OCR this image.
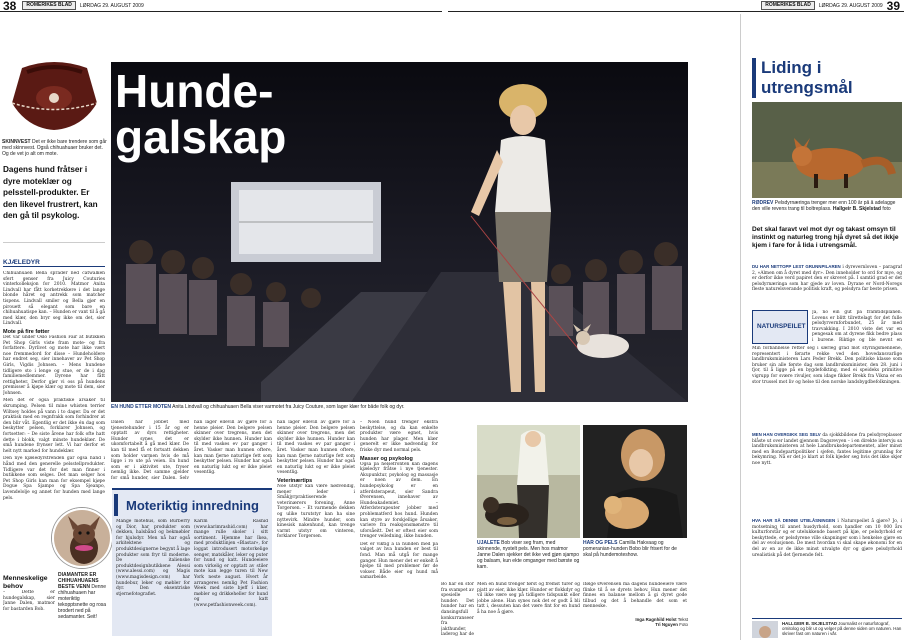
38	ROMERIKES BLAD	LØRDAG 29. AUGUST 2009	ROMERIKES BLAD	LØRDAG 29. AUGUST 2009 39
SKINNVEST Det er ikke bare trendere som går med skinnvest. Også chihuahuaer bruker det. Og de vet jo alt om mote.
Dagens hund fråtser i dyre moteklær og pelsstell-produkter. Er den likevel frustrert, kan den gå til psykolog.
KJÆLEDYR

Chihuahuaen Bella sprader ned catwalken sfert genser fra Juicy Couturies vinterkolleksjon for 2010. Matmor Anita Lindvall har fått korketrekkere i det lange blonde håret og antrekk som matcher tispens. Lindvall smiler og Bella gjør en pirouett så elegant som bare en chihuahuatispe kan. – Hunden er vant til å gå med klær, den bryr seg ikke om det, sier Lindvall.

Mote på fire føtter

Det var under Oslo Fashion Fair at butikken Pet Shop Girls viste fram mote- og fra forfattere. Dyrlivet og mote har ikke vært noe fremmedord for disse – Hundeholdere har endret seg, sier innehaver av Pet Shop Girls, Vigdis Johnsen. – Mens hundene tidligere sto i lenge og stue, er de i dag familiemedlemmer. Dyrene har fått rettigheter. Derfor gjør vi oss på hundens premisser å kjøpe klær og mote til dem, sier Johnsen.

Men det er også praktiske årsaker til skrumping. Pelsen til mine whisten terrier Wiltsey holdes på vann i to dager. Da er det praktisk med en regnfrakk som forhindrer at den blir våt. Egentlig er det ikke én dag som beskytter pelsen, forklarer Johnsen, og fortsetter: – De siste årene har folk ofte hatt dette i blokk, valgt minste hundeklær. De små hundene frynser lett. Vi har derfor et helt nytt marked for hundeklær.

Den nye kjæledyrstrenden går også hånd i hånd med den generelle pelsstellprodukter. Tidligere var det for det man finner i butikkene som selges. Det man selger hos Pet Shop Girls kan man for eksempel kjøpe Dogue Spa Sjampo og Spa Sjeanpo, lavendelolje og annet for hunden med lange pels.

DIAMANTER ER CHIHUAHUAENS BESTE VENN Denne chihuahuaen har moteriktig tekopptsnette og rosa brodert ned på sedamanter. Seit!

Menneskelige behov

– Dette er hundegalskap, sier Janne Dalen, matmor for bastarden Bob.

Hunde-
galskap
EN HUND ETTER MOTEN Anita Lindvall og chihuahuaen Bella viser varmotet fra Juicy Couture, som lager klær for både folk og dyr.

Dalen har jobbet med tjenestehunder i 15 år og er opptatt av dyrs rettigheter. Hunder synes det er ukomfortabelt å gå med klær. De kan til med få et fortsatt dekken som holder varmen hvis de må ligge i ro ute på veien. En hund som er i aktivitet ute, fryser nemlig ikke. Det samme gjelder for små hunder, sier Dalen. Selv

han lager ellevill av gjøre for å henne pleier. Den belgere pelsen skinner over tregrens, men det skylder ikke hunnen. Hunder kan til med vaskes ev par ganger i året. Vasker man hunnen oftere, kan man fjerne naturlige fett som beskytter pelsen. Hunder har også en naturlig lukt og er ikke pleiet vesentlig.

han lager ellevill av gjøre for å henne pleier. Den belgere pelsen skinner over tregrens, men det skylder ikke hunnen. Hunder kan til med vaskes ev par ganger i året. Vasker man hunnen oftere, kan man fjerne naturlige fett som beskytter pelsen. Hunder har også en naturlig lukt og er ikke pleiet vesentlig.

Veterinærtips

Noe utstyr kan være nødvendig, mener leder i Småkjyrpraktiserende veterinærers forening, Anne Torgersen. – Et varmende dekken og ulike turutstyr kan ha sine nyttevirk. Mindre hunder, som kinesisk nakenhund, kan trenge varmt utstyr om vinteren, forklarer Torgersen.

– Noen hund trenger ekstra beskyttelse, og da kan enkelte produkter være egnet, hvis hunden har plager. Men klær generelt er ikke nødvendig for friske dyr med normal pels.

Masser og psykolog

Også på helsefronten kan dagens kjæledyr fråtse i nye tjenester. Akupunktur, psykolog og massasje er noen av dem. En hundepsykolog er en atferdsterapeut, sier Sandra Øverensen, innehaver av Hundeakademiet. – Atferdsterapeuter jobber med problematferd hos hund. Hunden kan styre av forskjellige årsaker, variere fra reaksjonsmønstre til uforsåeitt. Det er oftest eier som trenger veiledning, ikke hunden.

Det er viktig å la hunden med på valget av hva hunden er best til fond. Man må utgå for mange ganger. Hun mener det er enkelt å hjelpe til med problemer før de vokser. Både eier og hund må samarbeide.

Moteriktig innredning

Mange motehus, som Burberry og Dior, har produkter som dekken, halsbånd og bekmøbler for hjulsdyr. Men nå har også arkitektene og produktdesignerne begynt å lage produkter som fryr til moderne. De italienske produktdesignbutikkene Alessi (www.alessi.com) og Magis (www.magisdesign.com) har hundebur, leker og møbler for dyr. Den eksentriske stjernefotografiet.

Karim Rashid (www.karimrashid.com) har mange rulle skoler i sitt sortiment. Hjemme har Ikea, med produktlinjen «Blastar», for loggat introdusert motorkelige senger, matskåler, leker og puter for hund og katt. Hundeeiere som virkelig er opptatt av stiler mote kan legge turen til New York neste august. Hvert år arrangeres nemlig Pet Fashion Week med siste bjeff i klær, møbler og drikkeheller for hund og katt (www.petfashionweek.com).

UJÅLETE Bob viser seg fram, med skinnende, nystelt pels. Men hos matmor Janne Dalen sjekker det ikke ved gjøn sjampo og balsam, kun ekte omganger med børste og kam.
HÅR OG PELS Camilla Hakvaag og pomeranian-hunden Bobo blir frisert for de skal på hundemoteshow.

Men en hund trenger først og fremst turer og pjatt av eier, ikke klær. Hunder er flokkdyr og vil ikke være seg på tidligere tidspunkt eller jobbe alene. Han synes nok det er godt å bli tatt i, dessuten kan det være fint for en hund å ha noe å gjøre.

Ifølge Øverensen må dagens hundeeiere være flinke til å se dyrets behov. Hun mener det finnes en balanse mellom å gi dyret gode tilbud og det å behandle det som et menneske.

Bo har en stor fra svampet av spesielle hunder: Det hunder har en dansingsfull konkurranseer fra jakthunder, laderog har de

Inga Ragnhild Holst Tekst
Tri Nguyen Foto
Liding i utrengsmål
RØDREV Pelsdyrnæringa trenger mer enn 100 år på å adelagge den ville revens trang til boltreplass. Hallgeir B. Skjelstad foto
Det skal faravt vel mot dyr og takast omsyn til instinkt og naturleg trong hjå dyret så det ikkje kjem i fare for å lida i utrengsmål.

DU HAR NETTOPP LEST GRUNNPILAREN i dyrevernloven – paragraf 2, «Almen om å dyret med dyr». Den inneholder to ord for mye, og er derfor ikke verd papiret den er skrevet på. I samtid grad er det pelsdyrnæringa som har gjede av loven. Dyrane er Nord-Noregs fleste naturelsverande politisk kraft, og pelsdyra far beste prisen.

NATURSPEILET

Ja, no ein gut på framtidsplanen. Lovens er blitt tilrettelagt for det fulle pelsdyrvernforbundet, 25 år med travvakking. I 2010 viste det var en pengesak om at dyrene fikk bedre plass i burene. Riktige og ble nevnt en

Min forbannelse retter seg i særleg grad mot styringsmennene, representert i førarte rekke ved den hovedansvarlige landbruksministeren Lars Peder Brekk. Den politiske klasse som bruker sin alle første dag som landbruksminister, den 28. juni i fjor, til å ligge på en bygdefolkting, med ei speideks primitive vigrupp for svære rivuljer, som idage fikker Brekk fra Vikna er en stor trussel mot liv og helse til den norske landsbygdbefolkningen.

MEN HAN OVERGIKK SEG SELV da sjokkbildene fra pelsdyreplasser blåste ut over landet gjennom Dagsrevyen – i en direkte intervju sa landbruksministeren at hele Landbruksdepartementet, aller minst med en Bondepartipolitiker i sjefen, fantes legitime grunnlag for bekymring. Nå er det jo klart at folk kjeder seg hvis det ikke skjer noe nytt.

HVA HAR SÅ DENNE UTBLÅSNINGEN i Naturspeilet å gjøre? Jo, i motsetning til annet husdyrhold, som handler om 10 000 års kulturforstår og er utelukkende basert på kjæ, er pelsdyrhold er beskyttede, er pelsdyrene ville skapninger som i henkelse gjøre en del av evolusjonen. De mest hvordan vi skal skape økonomi for en del av en av de ikke minst utvalgte dyr og gjøre pelsdyrhold urealistisk på det fjernende felt.

HALLGEIR B. SKJELSTAD Journalist er naturfotograf, ornitolog og blir ut og velger på denne siden om naturen. Han skriver fast om naturen i vår.
